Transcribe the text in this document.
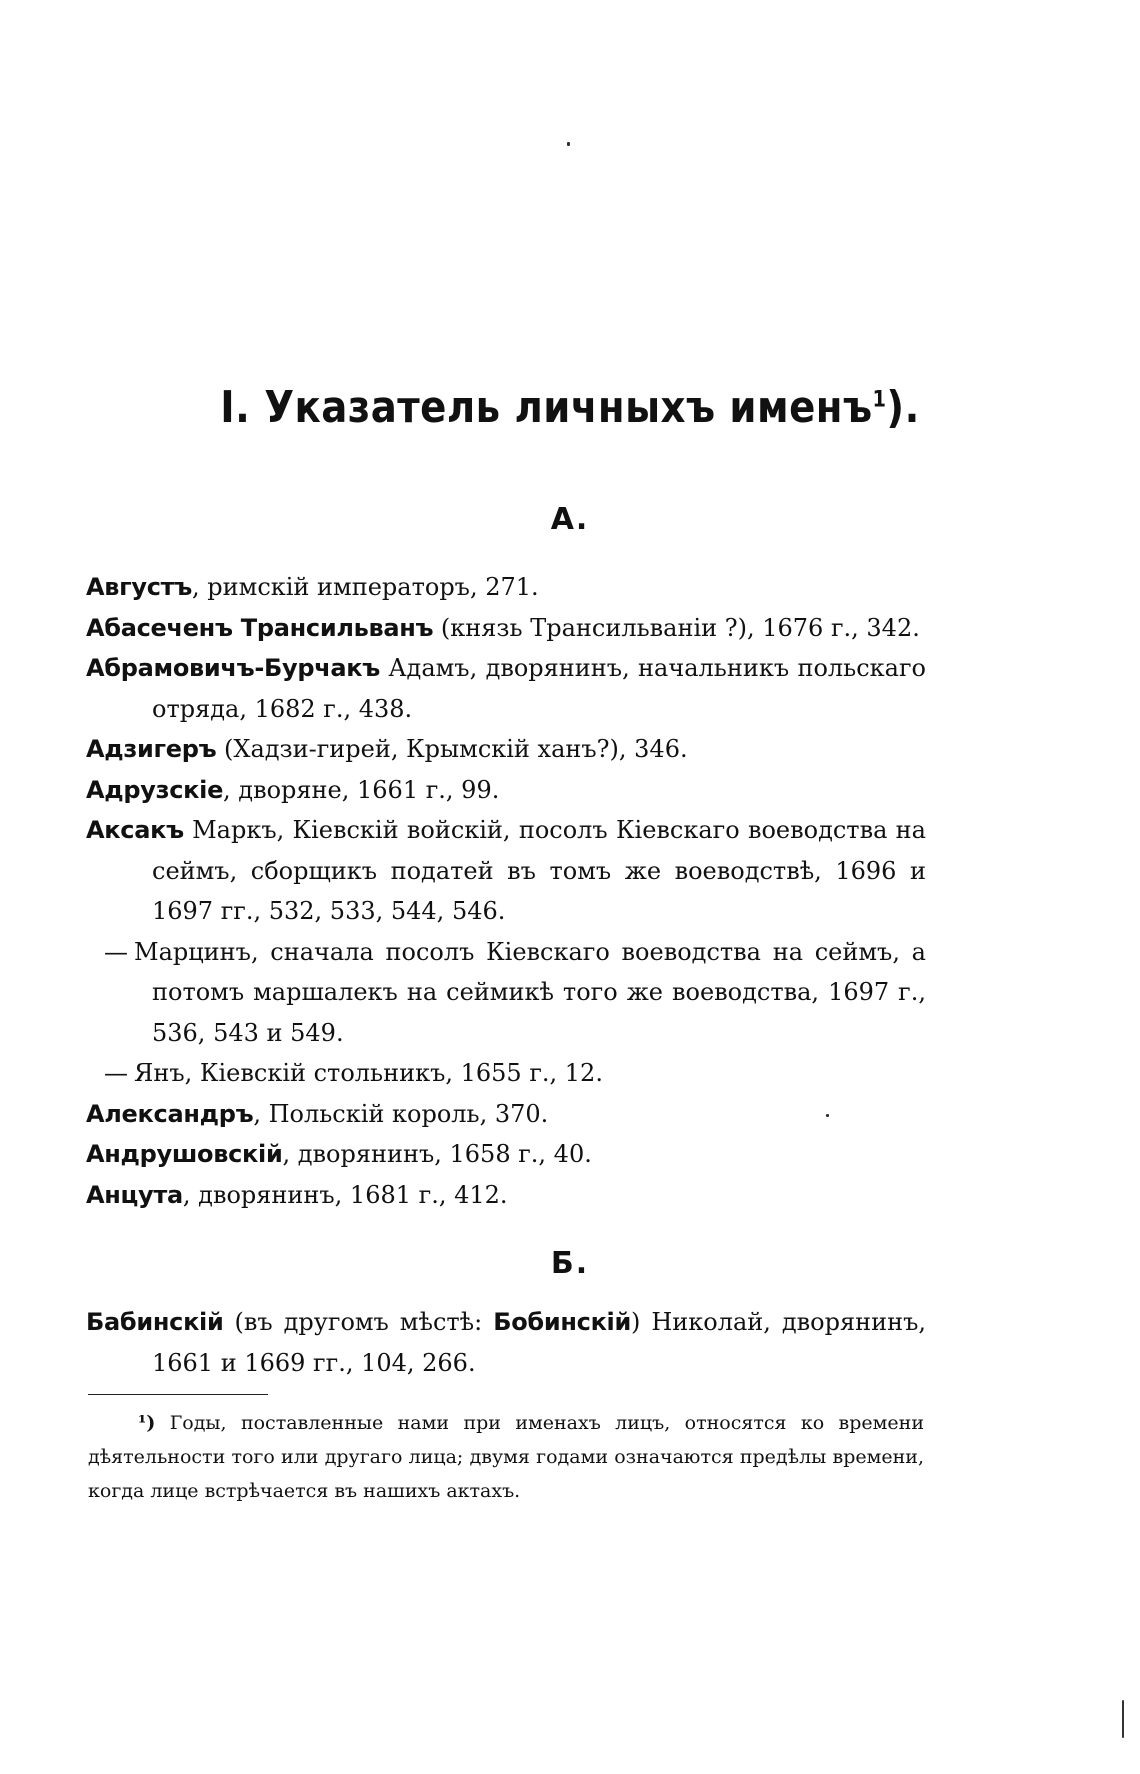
I. Указатель личныхъ именъ$^1$).
А.

Августъ, римскій императоръ, 271.

Абасеченъ Трансильванъ (князь Трансильваніи ?), 1676 г., 342.

Абрамовичъ-Бурчакъ Адамъ, дворянинъ, начальникъ польскаго отряда, 1682 г., 438.

Адзигеръ (Хадзи-гирей, Крымскій ханъ?), 346.

Адрузскіе, дворяне, 1661 г., 99.

Аксакъ Маркъ, Кіевскій войскій, посолъ Кіевскаго воеводства на сеймъ, сборщикъ податей въ томъ же воеводствѣ, 1696 и 1697 гг., 532, 533, 544, 546.

— Марцинъ, сначала посолъ Кіевскаго воеводства на сеймъ, а потомъ маршалекъ на сеймикѣ того же воеводства, 1697 г., 536, 543 и 549.

— Янъ, Кіевскій стольникъ, 1655 г., 12.

Александръ, Польскій король, 370.

Андрушовскій, дворянинъ, 1658 г., 40.

Анцута, дворянинъ, 1681 г., 412.

Б.

Бабинскій (въ другомъ мѣстѣ: Бобинскій) Николай, дворянинъ, 1661 и 1669 гг., 104, 266.

¹) Годы, поставленные нами при именахъ лицъ, относятся ко времени дѣятельности того или другаго лица; двумя годами означаются предѣлы времени, когда лице встрѣчается въ нашихъ актахъ.
